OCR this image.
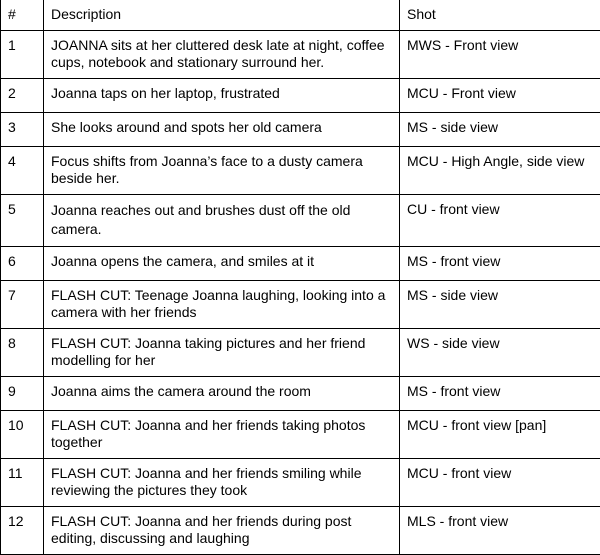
#	Description	Shot
1	JOANNA sits at her cluttered desk late at night, coffee cups, notebook and stationary surround her.	MWS - Front view
2	Joanna taps on her laptop, frustrated	MCU - Front view
3	She looks around and spots her old camera	MS - side view
4	Focus shifts from Joanna’s face to a dusty camera beside her.	MCU - High Angle, side view
5	Joanna reaches out and brushes dust off the old camera.	CU - front view
6	Joanna opens the camera, and smiles at it	MS - front view
7	FLASH CUT: Teenage Joanna laughing, looking into a camera with her friends	MS - side view
8	FLASH CUT: Joanna taking pictures and her friend modelling for her	WS - side view
9	Joanna aims the camera around the room	MS - front view
10	FLASH CUT: Joanna and her friends taking photos together	MCU - front view [pan]
11	FLASH CUT: Joanna and her friends smiling while reviewing the pictures they took	MCU - front view
12	FLASH CUT: Joanna and her friends during post editing, discussing and laughing	MLS - front view
